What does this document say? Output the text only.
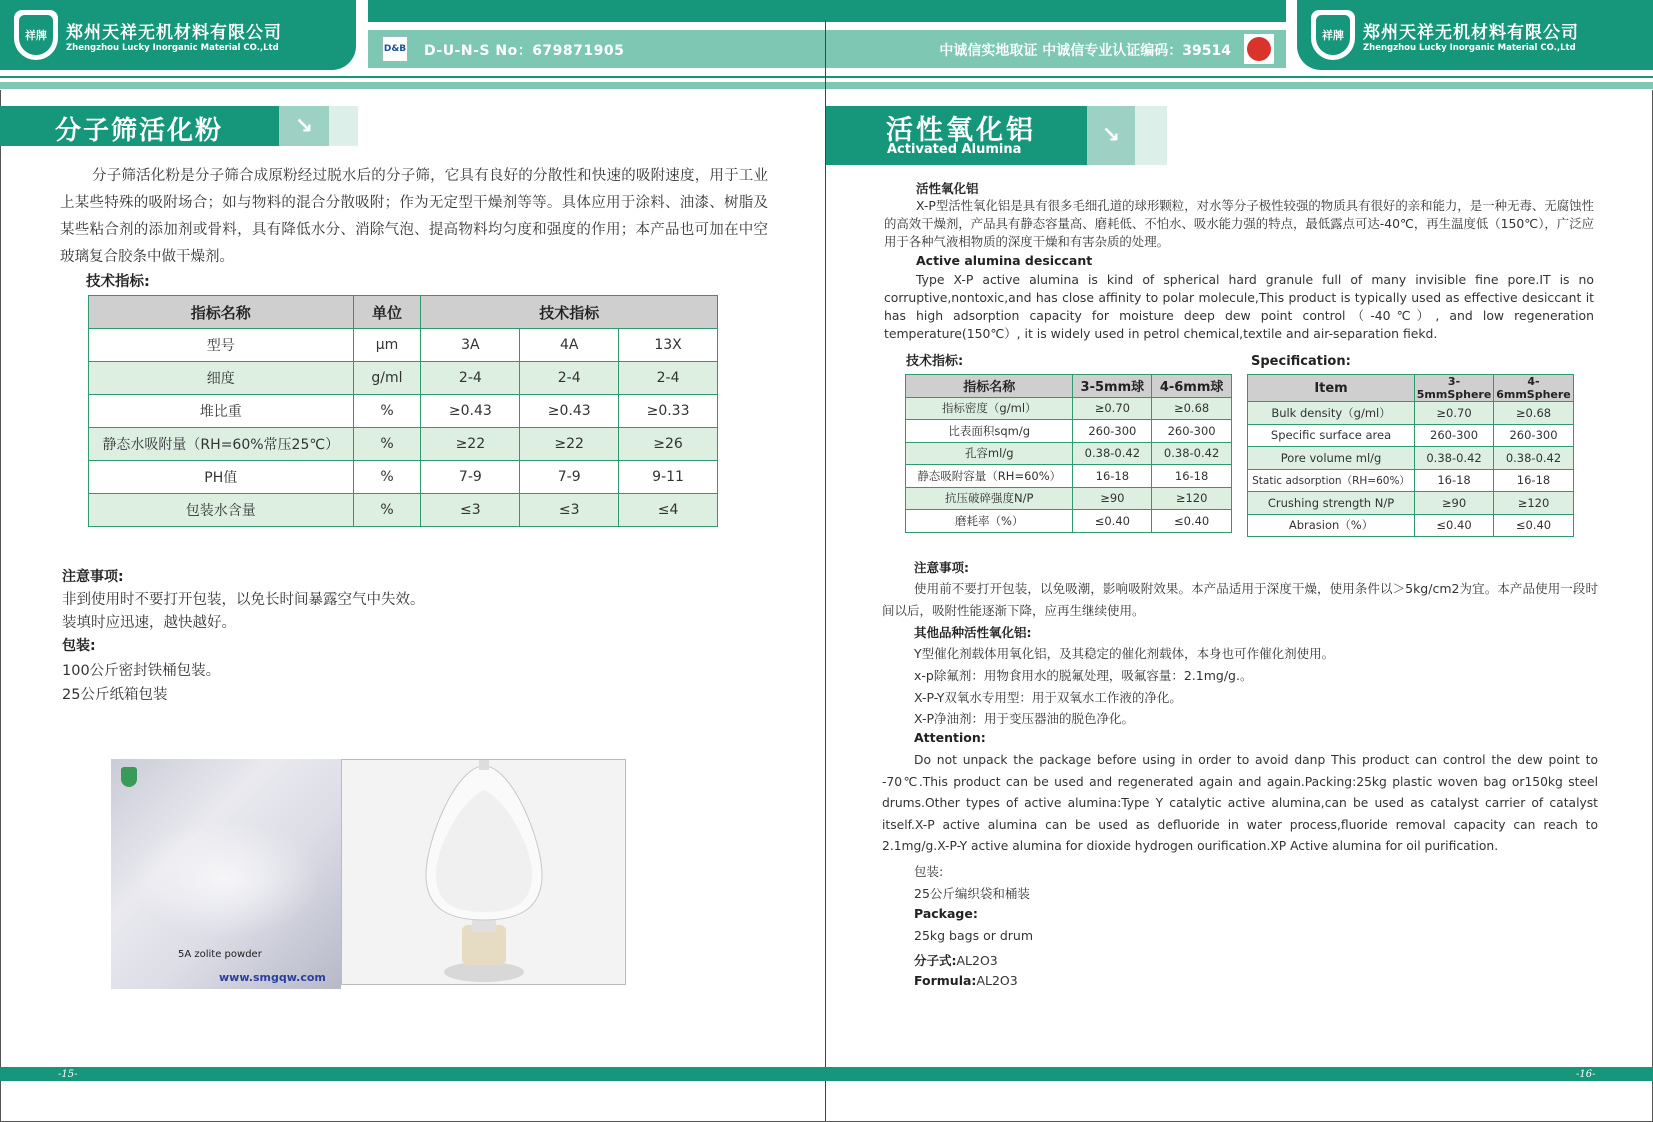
祥牌	郑州天祥无机材料有限公司
Zhengzhou Lucky Inorganic Material CO.,Ltd	D&B D-U-N-S No：679871905	中诚信实地取证 中诚信专业认证编码：39514
祥牌	郑州天祥无机材料有限公司
Zhengzhou Lucky Inorganic Material CO.,Ltd
分子筛活化粉	↘
分子筛活化粉是分子筛合成原粉经过脱水后的分子筛，它具有良好的分散性和快速的吸附速度，用于工业上某些特殊的吸附场合；如与物料的混合分散吸附；作为无定型干燥剂等等。具体应用于涂料、油漆、树脂及某些粘合剂的添加剂或骨料，具有降低水分、消除气泡、提高物料均匀度和强度的作用；本产品也可加在中空玻璃复合胶条中做干燥剂。
技术指标:
指标名称	单位	技术指标		
型号	μm	3A	4A	13X
细度	g/ml	2-4	2-4	2-4
堆比重	%	≥0.43	≥0.43	≥0.33
静态水吸附量（RH=60%常压25℃）	%	≥22	≥22	≥26
PH值	%	7-9	7-9	9-11
包装水含量	%	≤3	≤3	≤4
注意事项:
非到使用时不要打开包装，以免长时间暴露空气中失效。
装填时应迅速，越快越好。
包装:
100公斤密封铁桶包装。
25公斤纸箱包装
5A zolite powder
www.smgqw.com
活性氧化铝
Activated Alumina
↘
活性氧化铝
X-P型活性氧化铝是具有很多毛细孔道的球形颗粒，对水等分子极性较强的物质具有很好的亲和能力，是一种无毒、无腐蚀性的高效干燥剂，产品具有静态容量高、磨耗低、不怕水、吸水能力强的特点，最低露点可达-40℃，再生温度低（150℃），广泛应用于各种气液相物质的深度干燥和有害杂质的处理。
Active alumina desiccant
Type X-P active alumina is kind of spherical hard granule full of many invisible fine pore.IT is no corruptive,nontoxic,and has close affinity to polar molecule,This product is typically used as effective desiccant it has high adsorption capacity for moisture deep dew point control（-40℃）, and low regeneration temperature(150℃）, it is widely used in petrol chemical,textile and air-separation fiekd.
技术指标:	Specification:
指标名称	3-5mm球	4-6mm球
指标密度（g/ml）	≥0.70	≥0.68
比表面积sqm/g	260-300	260-300
孔容ml/g	0.38-0.42	0.38-0.42
静态吸附容量（RH=60%）	16-18	16-18
抗压破碎强度N/P	≥90	≥120
磨耗率（%）	≤0.40	≤0.40
Item	3-5mmSphere	4-6mmSphere
Bulk density（g/ml）	≥0.70	≥0.68
Specific surface area	260-300	260-300
Pore volume ml/g	0.38-0.42	0.38-0.42
Static adsorption（RH=60%）	16-18	16-18
Crushing strength N/P	≥90	≥120
Abrasion（%）	≤0.40	≤0.40
注意事项:
使用前不要打开包装，以免吸潮，影响吸附效果。本产品适用于深度干燥，使用条件以＞5kg/cm2为宜。本产品使用一段时间以后，吸附性能逐渐下降，应再生继续使用。
其他品种活性氧化铝:
Y型催化剂载体用氧化铝，及其稳定的催化剂载体，本身也可作催化剂使用。
x-p除氟剂：用物食用水的脱氟处理，吸氟容量：2.1mg/g.。
X-P-Y双氧水专用型：用于双氧水工作液的净化。
X-P净油剂：用于变压器油的脱色净化。
Attention:
Do not unpack the package before using in order to avoid danp This product can control the dew point to -70℃.This product can be used and regenerated again and again.Packing:25kg plastic woven bag or150kg steel drums.Other types of active alumina:Type Y catalytic active alumina,can be used as catalyst carrier of catalyst itself.X-P active alumina can be used as defluoride in water process,fluoride removal capacity can reach to 2.1mg/g.X-P-Y active alumina for dioxide hydrogen ourification.XP Active alumina for oil purification.
包装:
25公斤编织袋和桶装
Package:
25kg bags or drum
分子式:AL2O3
Formula:AL2O3
-15-	-16-
